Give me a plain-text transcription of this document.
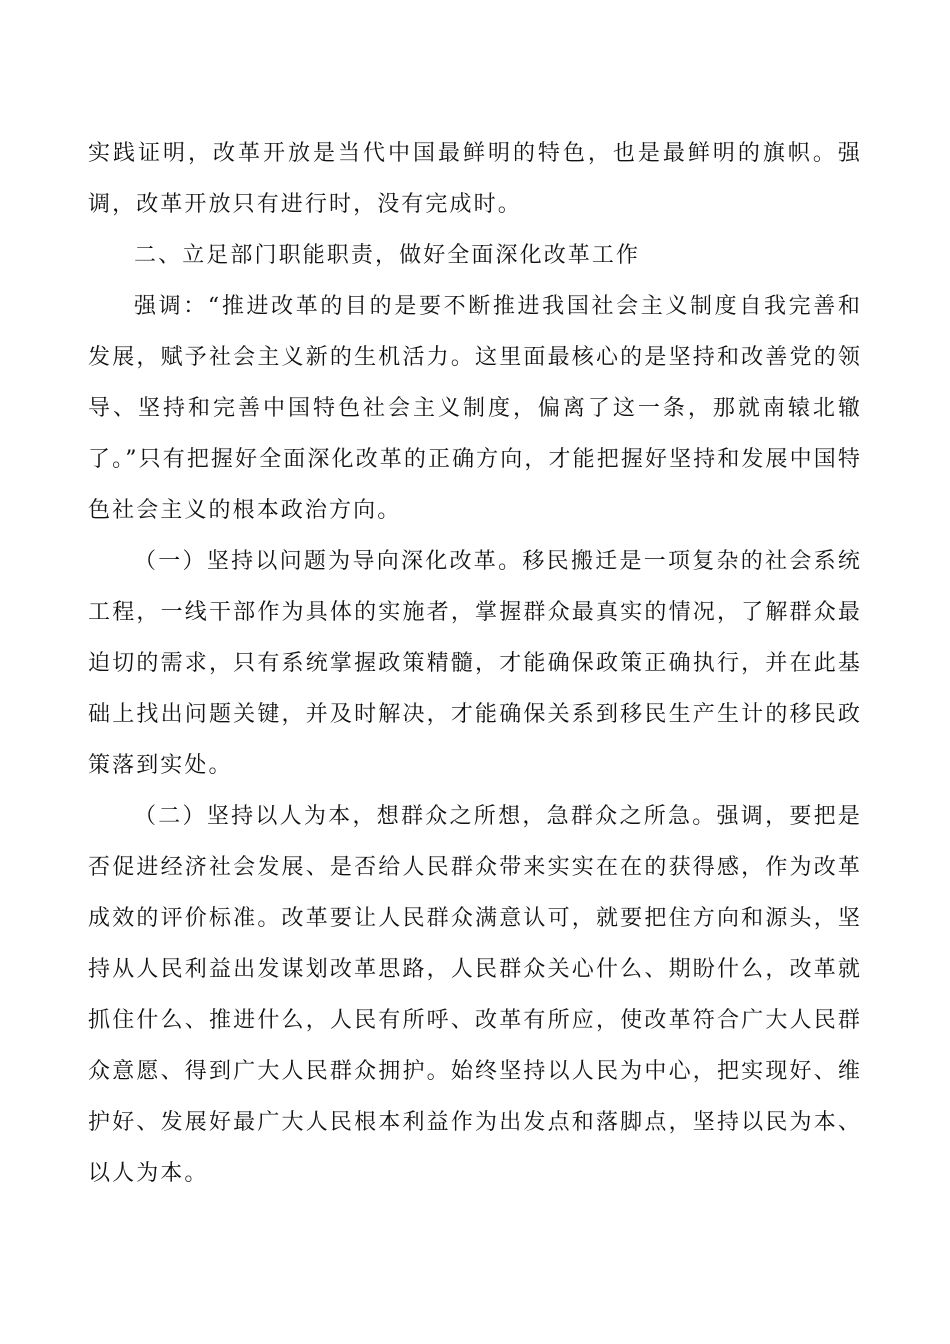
实践证明，改革开放是当代中国最鲜明的特色，也是最鲜明的旗帜。强调，改革开放只有进行时，没有完成时。

二、立足部门职能职责，做好全面深化改革工作

强调：“推进改革的目的是要不断推进我国社会主义制度自我完善和发展，赋予社会主义新的生机活力。这里面最核心的是坚持和改善党的领导、坚持和完善中国特色社会主义制度，偏离了这一条，那就南辕北辙了。”只有把握好全面深化改革的正确方向，才能把握好坚持和发展中国特色社会主义的根本政治方向。

（一）坚持以问题为导向深化改革。移民搬迁是一项复杂的社会系统工程，一线干部作为具体的实施者，掌握群众最真实的情况，了解群众最迫切的需求，只有系统掌握政策精髓，才能确保政策正确执行，并在此基础上找出问题关键，并及时解决，才能确保关系到移民生产生计的移民政策落到实处。

（二）坚持以人为本，想群众之所想，急群众之所急。强调，要把是否促进经济社会发展、是否给人民群众带来实实在在的获得感，作为改革成效的评价标准。改革要让人民群众满意认可，就要把住方向和源头，坚持从人民利益出发谋划改革思路，人民群众关心什么、期盼什么，改革就抓住什么、推进什么，人民有所呼、改革有所应，使改革符合广大人民群众意愿、得到广大人民群众拥护。始终坚持以人民为中心，把实现好、维护好、发展好最广大人民根本利益作为出发点和落脚点，坚持以民为本、以人为本。
